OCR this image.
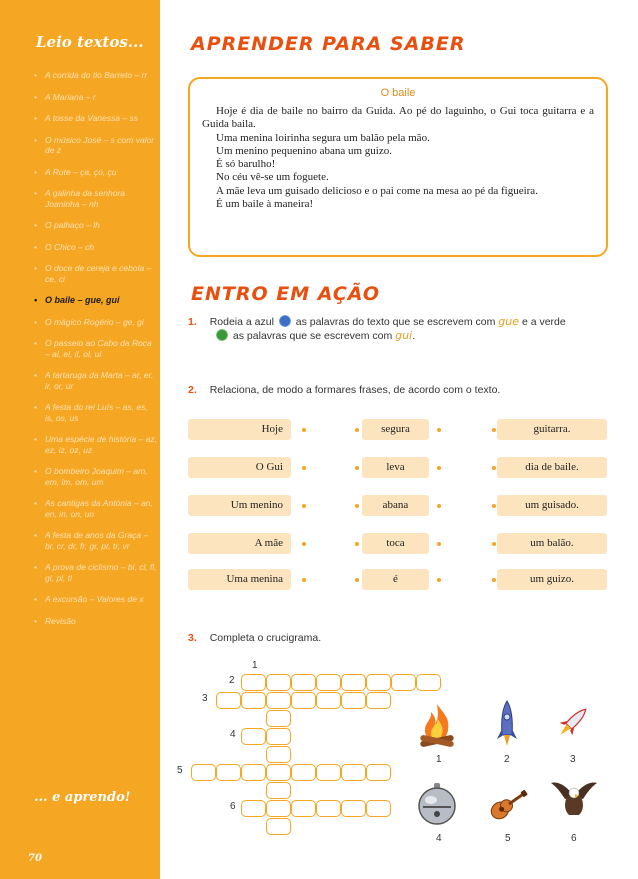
Leio textos...
• A corrida do tio Barreto – rr
• A Mariana – r
• A tosse da Vanessa – ss
• O músico José – s com valor de z
• A Rute – ça, ço, çu
• A galinha da senhora Joaninha – nh
• O palhaço – lh
• O Chico – ch
• O doce de cereja e cebola – ce, ci
• O baile – gue, gui
• O mágico Rogério – ge, gi
• O passeio ao Cabo da Roca – al, el, il, ol, ul
• A tartaruga da Marta – ar, er, ir, or, ur
• A festa do rei Luís – as, es, is, os, us
• Uma espécie de história – az, ez, iz, oz, uz
• O bombeiro Joaquim – am, em, im, om, um
• As cantigas da Antónia – an, en, in, on, un
• A festa de anos da Graça – br, cr, dr, fr, gr, pr, tr, vr
• A prova de ciclismo – bl, cl, fl, gl, pl, tl
• A excursão – Valores de x
• Revisão
... e aprendo!
70
APRENDER PARA SABER
O baile

Hoje é dia de baile no bairro da Guida. Ao pé do laguinho, o Gui toca guitarra e a Guida baila.

Uma menina loirinha segura um balão pela mão.

Um menino pequenino abana um guizo.

É só barulho!

No céu vê-se um foguete.

A mãe leva um guisado delicioso e o pai come na mesa ao pé da figueira.

É um baile à maneira!

ENTRO EM AÇÃO
1. Rodeia a azul as palavras do texto que se escrevem com gue e a verde
as palavras que se escrevem com gui.
2. Relaciona, de modo a formares frases, de acordo com o texto.
Hoje	segura	guitarra.
O Gui	leva	dia de baile.
Um menino	abana	um guisado.
A mãe	toca	um balão.
Uma menina	é	um guizo.
3. Completa o crucigrama.
1
2
3
4
5
6
1	2	3
4	5	6
